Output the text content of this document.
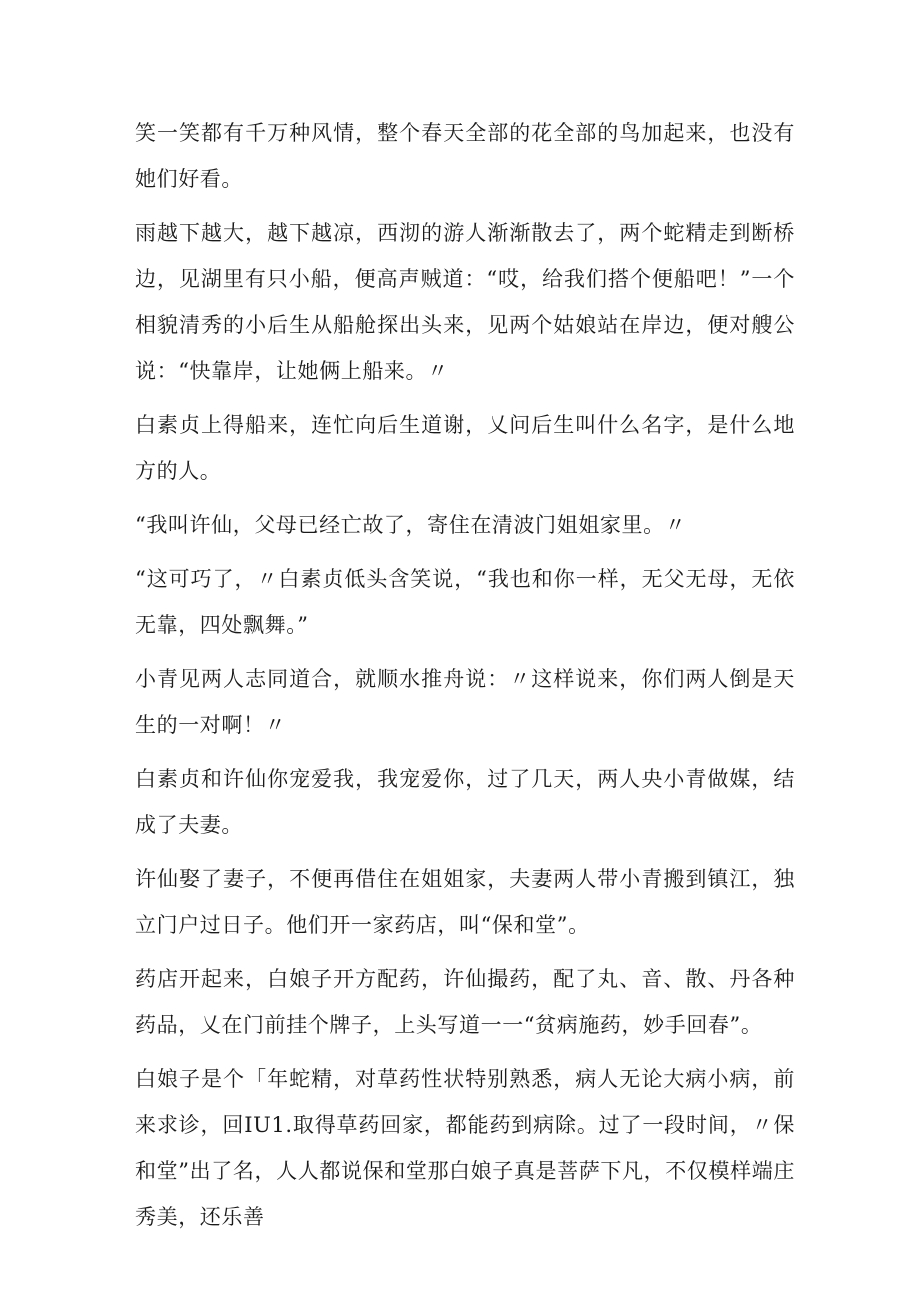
笑一笑都有千万种风情，整个春天全部的花全部的鸟加起来，也没有她们好看。

雨越下越大，越下越凉，西沏的游人渐渐散去了，两个蛇精走到断桥边，见湖里有只小船，便高声贼道：“哎，给我们搭个便船吧！”一个相貌清秀的小后生从船舱探出头来，见两个姑娘站在岸边，便对艘公说：“快靠岸，让她俩上船来。〃

白素贞上得船来，连忙向后生道谢，乂问后生叫什么名字，是什么地方的人。

“我叫许仙，父母已经亡故了，寄住在清波门姐姐家里。〃

“这可巧了，〃白素贞低头含笑说，“我也和你一样，无父无母，无依无靠，四处飘舞。”

小青见两人志同道合，就顺水推舟说：〃这样说来，你们两人倒是天生的一对啊！〃

白素贞和许仙你宠爱我，我宠爱你，过了几天，两人央小青做媒，结成了夫妻。

许仙娶了妻子，不便再借住在姐姐家，夫妻两人带小青搬到镇江，独立门户过日子。他们开一家药店，叫“保和堂”。

药店开起来，白娘子开方配药，许仙撮药，配了丸、音、散、丹各种药品，乂在门前挂个牌子，上头写道一一“贫病施药，妙手回春”。

白娘子是个「年蛇精，对草药性状特别熟悉，病人无论大病小病，前来求诊，回IU1.取得草药回家，都能药到病除。过了一段时间，〃保和堂”出了名，人人都说保和堂那白娘子真是菩萨下凡，不仅模样端庄秀美，还乐善
